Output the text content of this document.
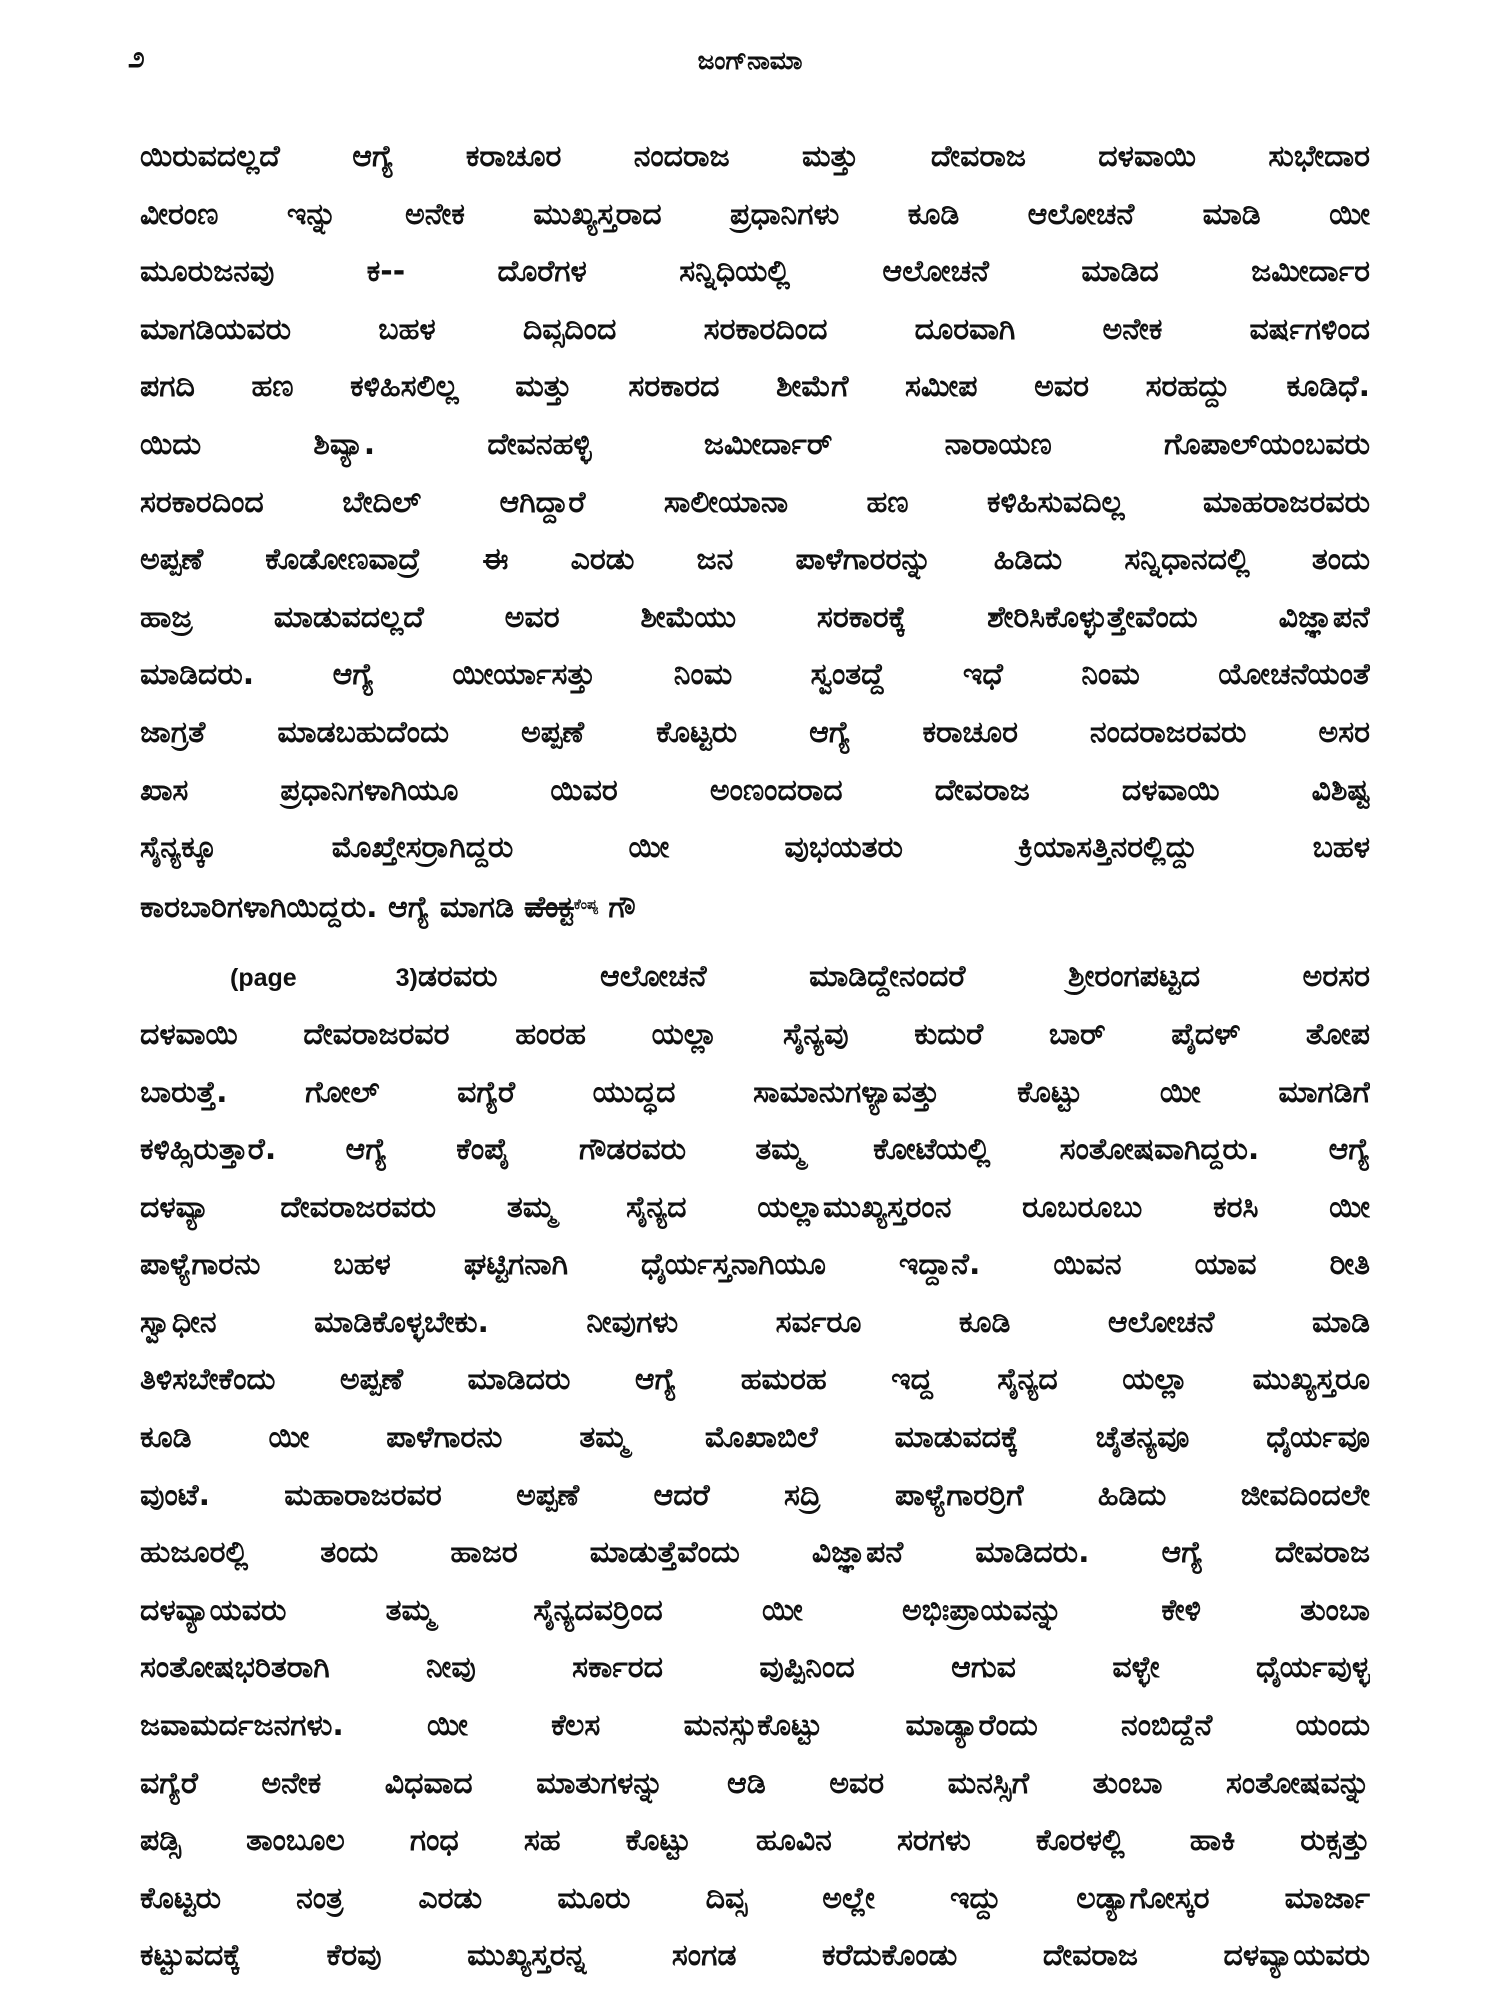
೨	ಜಂಗ್‌ನಾಮಾ
ಯಿರುವದಲ್ಲದೆ ಆಗ್ಯೆ ಕರಾಚೂರ ನಂದರಾಜ ಮತ್ತು ದೇವರಾಜ ದಳವಾಯಿ ಸುಭೇದಾರ
ವೀರಂಣ ಇನ್ನು ಅನೇಕ ಮುಖ್ಯಸ್ತರಾದ ಪ್ರಧಾನಿಗಳು ಕೂಡಿ ಆಲೋಚನೆ ಮಾಡಿ ಯೀ
ಮೂರುಜನವು ಕ-- ದೊರೆಗಳ ಸನ್ನಿಧಿಯಲ್ಲಿ ಆಲೋಚನೆ ಮಾಡಿದ ಜಮೀರ್ದಾರ
ಮಾಗಡಿಯವರು ಬಹಳ ದಿವ್ಸದಿಂದ ಸರಕಾರದಿಂದ ದೂರವಾಗಿ ಅನೇಕ ವರ್ಷಗಳಿಂದ
ಪಗದಿ ಹಣ ಕಳಿಹಿಸಲಿಲ್ಲ ಮತ್ತು ಸರಕಾರದ ಶೀಮೆಗೆ ಸಮೀಪ ಅವರ ಸರಹದ್ದು ಕೂಡಿಧೆ.
ಯಿದು ಶಿವ್ಯಾ. ದೇವನಹಳ್ಳಿ ಜಮೀರ್ದಾರ್ ನಾರಾಯಣ ಗೊಪಾಲ್‌ಯಂಬವರು
ಸರಕಾರದಿಂದ ಬೇದಿಲ್ ಆಗಿದ್ದಾರೆ ಸಾಲೀಯಾನಾ ಹಣ ಕಳಿಹಿಸುವದಿಲ್ಲ ಮಾಹರಾಜರವರು
ಅಪ್ಪಣೆ ಕೊಡೋಣವಾದ್ರೆ ಈ ಎರಡು ಜನ ಪಾಳೆಗಾರರನ್ನು ಹಿಡಿದು ಸನ್ನಿಧಾನದಲ್ಲಿ ತಂದು
ಹಾಜ್ರ ಮಾಡುವದಲ್ಲದೆ ಅವರ ಶೀಮೆಯು ಸರಕಾರಕ್ಕೆ ಶೇರಿಸಿಕೊಳ್ಳುತ್ತೇವೆಂದು ವಿಜ್ಞಾಪನೆ
ಮಾಡಿದರು. ಆಗ್ಯೆ ಯೀರ್ಯಾಸತ್ತು ನಿಂಮ ಸ್ವಂತದ್ದೆ ಇಧೆ ನಿಂಮ ಯೋಚನೆಯಂತೆ
ಜಾಗ್ರತೆ ಮಾಡಬಹುದೆಂದು ಅಪ್ಪಣೆ ಕೊಟ್ಟರು ಆಗ್ಯೆ ಕರಾಚೂರ ನಂದರಾಜರವರು ಅಸರ
ಖಾಸ ಪ್ರಧಾನಿಗಳಾಗಿಯೂ ಯಿವರ ಅಂಣಂದರಾದ ದೇವರಾಜ ದಳವಾಯಿ ವಿಶಿಷ್ಟ
ಸೈನ್ಯಕ್ಕೂ ಮೊಖ್ತೇಸರ್ರಾಗಿದ್ದರು ಯೀ ವುಭಯತರು ಕ್ರಿಯಾಸತ್ತಿನರಲ್ಲಿದ್ದು ಬಹಳ
ಕಾರಬಾರಿಗಳಾಗಿಯಿದ್ದರು. ಆಗ್ಯೆ ಮಾಗಡಿ ವೆಂಕ್ಟ$^{ಕೆಂಪ್ಯ}$ ಗೌ
(page 3)ಡರವರು ಆಲೋಚನೆ ಮಾಡಿದ್ದೇನಂದರೆ ಶ್ರೀರಂಗಪಟ್ಟದ ಅರಸರ
ದಳವಾಯಿ ದೇವರಾಜರವರ ಹಂರಹ ಯಲ್ಲಾ ಸೈನ್ಯವು ಕುದುರೆ ಬಾರ್ ಪೈದಳ್ ತೋಪ
ಬಾರುತ್ತೆ. ಗೋಲ್ ವಗ್ಯೆರೆ ಯುದ್ಧದ ಸಾಮಾನುಗಳ್ಯಾವತ್ತು ಕೊಟ್ಟು ಯೀ ಮಾಗಡಿಗೆ
ಕಳಿಹ್ಸಿರುತ್ತಾರೆ. ಆಗ್ಯೆ ಕೆಂಪೈ ಗೌಡರವರು ತಮ್ಮ ಕೋಟೆಯಲ್ಲಿ ಸಂತೋಷವಾಗಿದ್ದರು. ಆಗ್ಯೆ
ದಳವ್ಯಾ ದೇವರಾಜರವರು ತಮ್ಮ ಸೈನ್ಯದ ಯಲ್ಲಾಮುಖ್ಯಸ್ತರಂನ ರೂಬರೂಬು ಕರಸಿ ಯೀ
ಪಾಳ್ಯೆಗಾರನು ಬಹಳ ಘಟ್ಟಿಗನಾಗಿ ಧೈರ್ಯಸ್ತನಾಗಿಯೂ ಇದ್ದಾನೆ. ಯಿವನ ಯಾವ ರೀತಿ
ಸ್ವಾಧೀನ ಮಾಡಿಕೊಳ್ಳಬೇಕು. ನೀವುಗಳು ಸರ್ವರೂ ಕೂಡಿ ಆಲೋಚನೆ ಮಾಡಿ
ತಿಳಿಸಬೇಕೆಂದು ಅಪ್ಪಣೆ ಮಾಡಿದರು ಆಗ್ಯೆ ಹಮರಹ ಇದ್ದ ಸೈನ್ಯದ ಯಲ್ಲಾ ಮುಖ್ಯಸ್ತರೂ
ಕೂಡಿ ಯೀ ಪಾಳೆಗಾರನು ತಮ್ಮ ಮೊಖಾಬಿಲೆ ಮಾಡುವದಕ್ಕೆ ಚೈತನ್ಯವೂ ಧೈರ್ಯವೂ
ವುಂಟೆ. ಮಹಾರಾಜರವರ ಅಪ್ಪಣೆ ಆದರೆ ಸದ್ರಿ ಪಾಳ್ಯೆಗಾರರ್ರಿಗೆ ಹಿಡಿದು ಜೀವದಿಂದಲೇ
ಹುಜೂರಲ್ಲಿ ತಂದು ಹಾಜರ ಮಾಡುತ್ತೆವೆಂದು ವಿಜ್ಞಾಪನೆ ಮಾಡಿದರು. ಆಗ್ಯೆ ದೇವರಾಜ
ದಳವ್ಯಾಯವರು ತಮ್ಮ ಸೈನ್ಯದವರ್ರಿಂದ ಯೀ ಅಭಿಃಪ್ರಾಯವನ್ನು ಕೇಳಿ ತುಂಬಾ
ಸಂತೋಷಭರಿತರಾಗಿ ನೀವು ಸರ್ಕಾರದ ವುಪ್ಪಿನಿಂದ ಆಗುವ ವಳ್ಳೇ ಧೈರ್ಯವುಳ್ಳ
ಜವಾಮರ್ದಜನಗಳು. ಯೀ ಕೆಲಸ ಮನಸ್ಸುಕೊಟ್ಟು ಮಾಡ್ಯಾರೆಂದು ನಂಬಿದ್ದೆನೆ ಯಂದು
ವಗ್ಯೆರೆ ಅನೇಕ ವಿಧವಾದ ಮಾತುಗಳನ್ನು ಆಡಿ ಅವರ ಮನಸ್ಸಿಗೆ ತುಂಬಾ ಸಂತೋಷವನ್ನು
ಪಡ್ಸಿ ತಾಂಬೂಲ ಗಂಧ ಸಹ ಕೊಟ್ಟು ಹೂವಿನ ಸರಗಳು ಕೊರಳಲ್ಲಿ ಹಾಕಿ ರುಕ್ಸತ್ತು
ಕೊಟ್ಟರು ನಂತ್ರ ಎರಡು ಮೂರು ದಿವ್ಸ ಅಲ್ಲೇ ಇದ್ದು ಲಡ್ಯಾಗೋಸ್ಕರ ಮಾರ್ಜಾ
ಕಟ್ಟುವದಕ್ಕೆ ಕೆರವು ಮುಖ್ಯಸ್ತರನ್ನ ಸಂಗಡ ಕರೆದುಕೊಂಡು ದೇವರಾಜ ದಳವ್ಯಾಯವರು
